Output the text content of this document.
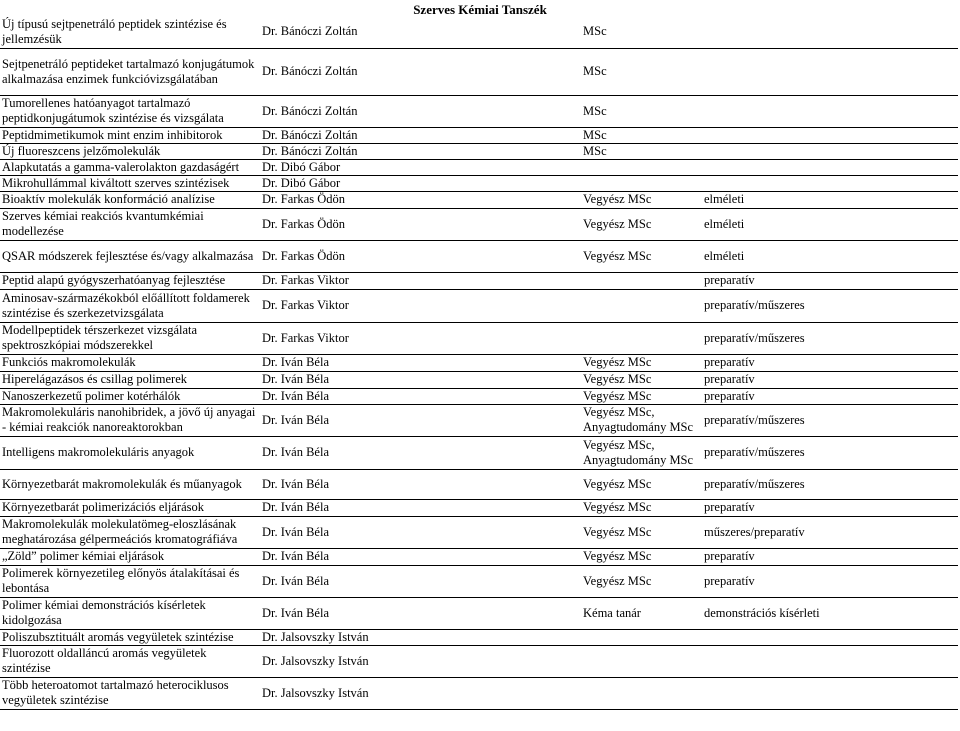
Szerves Kémiai Tanszék
Új típusú sejtpenetráló peptidek szintézise és jellemzésük	Dr. Bánóczi Zoltán	MSc	
Sejtpenetráló peptideket tartalmazó konjugátumok alkalmazása enzimek funkcióvizsgálatában	Dr. Bánóczi Zoltán	MSc	
Tumorellenes hatóanyagot tartalmazó peptidkonjugátumok szintézise és vizsgálata	Dr. Bánóczi Zoltán	MSc	
Peptidmimetikumok mint enzim inhibitorok	Dr. Bánóczi Zoltán	MSc	
Új fluoreszcens jelzőmolekulák	Dr. Bánóczi Zoltán	MSc	
Alapkutatás a gamma-valerolakton gazdaságért	Dr. Dibó Gábor		
Mikrohullámmal kiváltott szerves szintézisek	Dr. Dibó Gábor		
Bioaktív molekulák konformáció analízise	Dr. Farkas Ödön	Vegyész MSc	elméleti
Szerves kémiai reakciós kvantumkémiai modellezése	Dr. Farkas Ödön	Vegyész MSc	elméleti
QSAR módszerek fejlesztése és/vagy alkalmazása	Dr. Farkas Ödön	Vegyész MSc	elméleti
Peptid alapú gyógyszerhatóanyag fejlesztése	Dr. Farkas Viktor		preparatív
Aminosav-származékokból előállított foldamerek szintézise és szerkezetvizsgálata	Dr. Farkas Viktor		preparatív/műszeres
Modellpeptidek térszerkezet vizsgálata spektroszkópiai módszerekkel	Dr. Farkas Viktor		preparatív/műszeres
Funkciós makromolekulák	Dr. Iván Béla	Vegyész MSc	preparatív
Hiperelágazásos és csillag polimerek	Dr. Iván Béla	Vegyész MSc	preparatív
Nanoszerkezetű polimer kotérhálók	Dr. Iván Béla	Vegyész MSc	preparatív
Makromolekuláris nanohibridek, a jövő új anyagai - kémiai reakciók nanoreaktorokban	Dr. Iván Béla	Vegyész MSc, Anyagtudomány MSc	preparatív/műszeres
Intelligens makromolekuláris anyagok	Dr. Iván Béla	Vegyész MSc, Anyagtudomány MSc	preparatív/műszeres
Környezetbarát makromolekulák és műanyagok	Dr. Iván Béla	Vegyész MSc	preparatív/műszeres
Környezetbarát polimerizációs eljárások	Dr. Iván Béla	Vegyész MSc	preparatív
Makromolekulák molekulatömeg-eloszlásának meghatározása gélpermeációs kromatográfiáva	Dr. Iván Béla	Vegyész MSc	műszeres/preparatív
„Zöld” polimer kémiai eljárások	Dr. Iván Béla	Vegyész MSc	preparatív
Polimerek környezetileg előnyös átalakításai és lebontása	Dr. Iván Béla	Vegyész MSc	preparatív
Polimer kémiai demonstrációs kísérletek kidolgozása	Dr. Iván Béla	Kéma tanár	demonstrációs kísérleti
Poliszubsztituált aromás vegyületek szintézise	Dr. Jalsovszky István		
Fluorozott oldalláncú aromás vegyületek szintézise	Dr. Jalsovszky István		
Több heteroatomot tartalmazó heterociklusos vegyületek szintézise	Dr. Jalsovszky István		
